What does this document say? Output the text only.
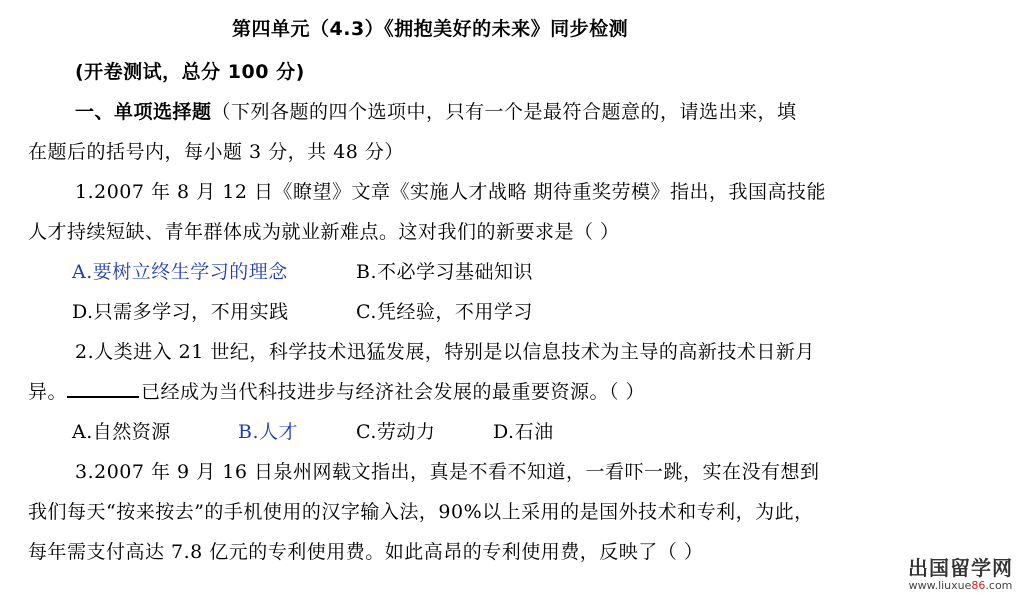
第四单元（4.3）《拥抱美好的未来》同步检测
(开卷测试，总分 100 分)
一、单项选择题（下列各题的四个选项中，只有一个是最符合题意的，请选出来，填
在题后的括号内，每小题 3 分，共 48 分）
1.2007 年 8 月 12 日《瞭望》文章《实施人才战略 期待重奖劳模》指出，我国高技能
人才持续短缺、青年群体成为就业新难点。这对我们的新要求是（ ）
A.要树立终生学习的理念	B.不必学习基础知识
D.只需多学习，不用实践	C.凭经验，不用学习
2.人类进入 21 世纪，科学技术迅猛发展，特别是以信息技术为主导的高新技术日新月
异。	已经成为当代科技进步与经济社会发展的最重要资源。（ ）
A.自然资源	B.人才	C.劳动力	D.石油
3.2007 年 9 月 16 日泉州网载文指出，真是不看不知道，一看吓一跳，实在没有想到
我们每天“按来按去”的手机使用的汉字输入法，90%以上采用的是国外技术和专利，为此，
每年需支付高达 7.8 亿元的专利使用费。如此高昂的专利使用费，反映了（ ）
出国留学网
www.liuxue86.com
